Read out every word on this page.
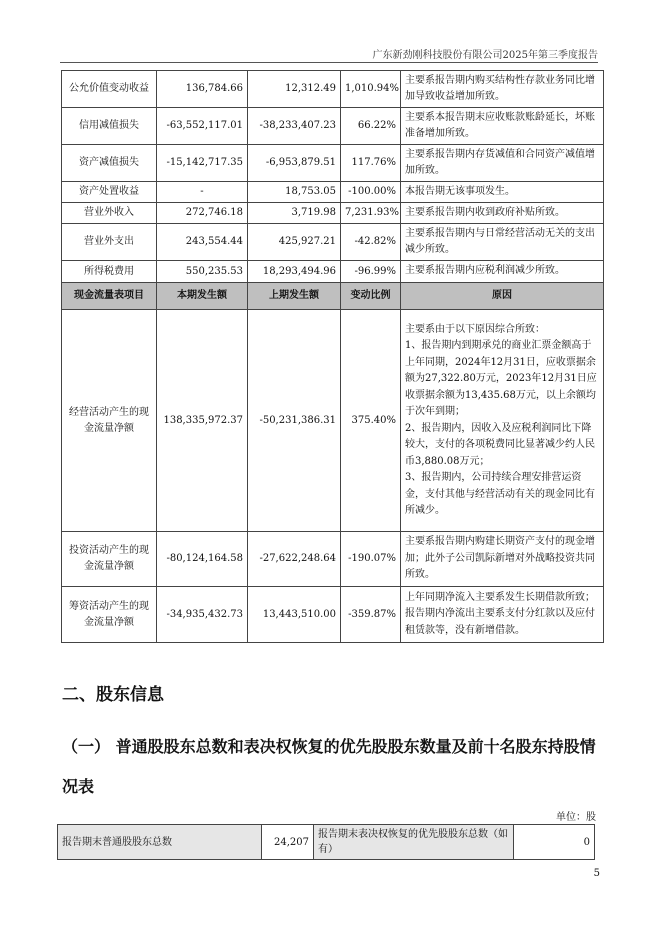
广东新劲刚科技股份有限公司2025年第三季度报告
公允价值变动收益	136,784.66	12,312.49	1,010.94%	主要系报告期内购买结构性存款业务同比增加导致收益增加所致。
信用减值损失	-63,552,117.01	-38,233,407.23	66.22%	主要系本报告期末应收账款账龄延长，坏账准备增加所致。
资产减值损失	-15,142,717.35	-6,953,879.51	117.76%	主要系报告期内存货减值和合同资产减值增加所致。
资产处置收益	-	18,753.05	-100.00%	本报告期无该事项发生。
营业外收入	272,746.18	3,719.98	7,231.93%	主要系报告期内收到政府补贴所致。
营业外支出	243,554.44	425,927.21	-42.82%	主要系报告期内与日常经营活动无关的支出减少所致。
所得税费用	550,235.53	18,293,494.96	-96.99%	主要系报告期内应税利润减少所致。
现金流量表项目	本期发生额	上期发生额	变动比例	原因
经营活动产生的现金流量净额	138,335,972.37	-50,231,386.31	375.40%	主要系由于以下原因综合所致：
1、报告期内到期承兑的商业汇票金额高于上年同期，2024年12月31日，应收票据余额为27,322.80万元，2023年12月31日应收票据余额为13,435.68万元，以上余额均于次年到期；
2、报告期内，因收入及应税利润同比下降较大，支付的各项税费同比显著减少约人民币3,880.08万元；
3、报告期内，公司持续合理安排营运资金，支付其他与经营活动有关的现金同比有所减少。

投资活动产生的现金流量净额	-80,124,164.58	-27,622,248.64	-190.07%	主要系报告期内购建长期资产支付的现金增加；此外子公司凯际新增对外战略投资共同所致。
筹资活动产生的现金流量净额	-34,935,432.73	13,443,510.00	-359.87%	上年同期净流入主要系发生长期借款所致；报告期内净流出主要系支付分红款以及应付租赁款等，没有新增借款。
二、股东信息
（一） 普通股股东总数和表决权恢复的优先股股东数量及前十名股东持股情况表
单位：股
报告期末普通股股东总数	24,207	报告期末表决权恢复的优先股股东总数（如有）	0
5
